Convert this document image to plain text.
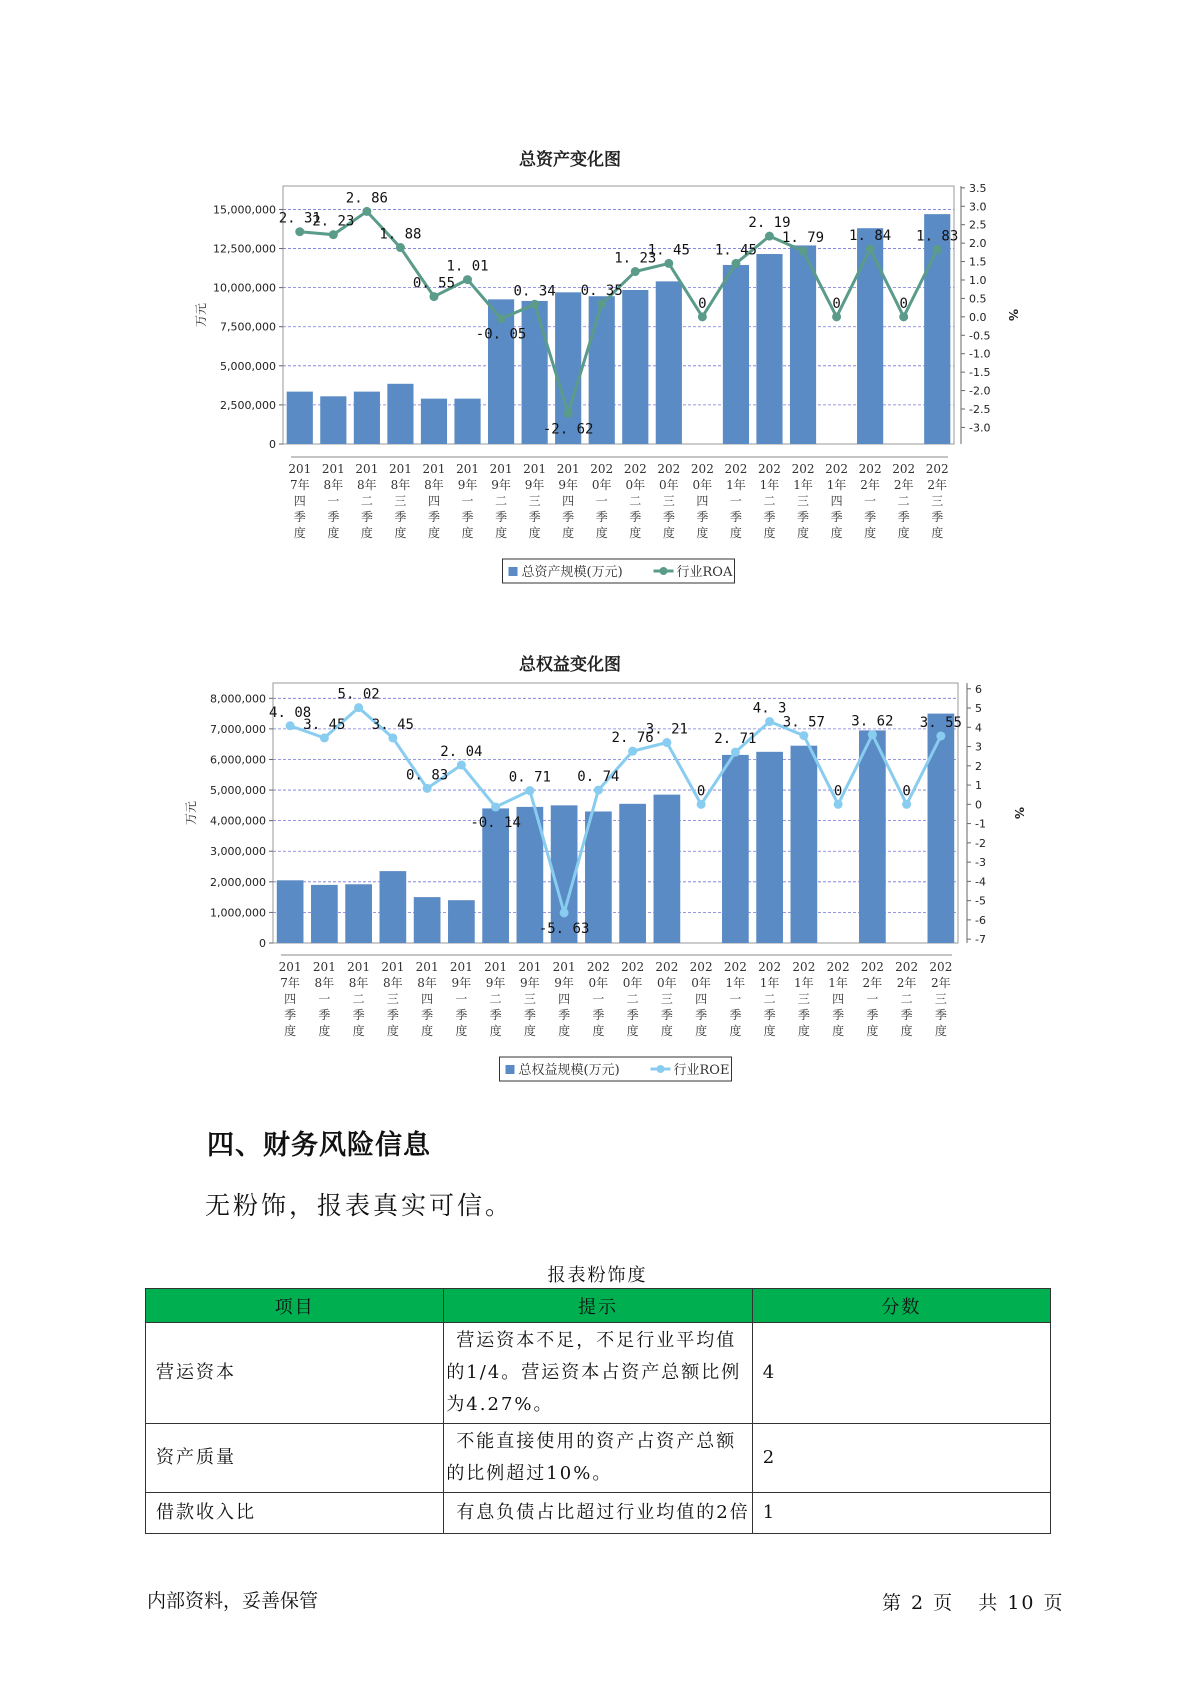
总资产变化图
0
2,500,000
5,000,000
7,500,000
10,000,000
12,500,000
15,000,000
万元
3.5
3.0
2.5
2.0
1.5
1.0
0.5
0.0
-0.5
-1.0
-1.5
-2.0
-2.5
-3.0
%
201
7年
四
季
度
201
8年
一
季
度
201
8年
二
季
度
201
8年
三
季
度
201
8年
四
季
度
201
9年
一
季
度
201
9年
二
季
度
201
9年
三
季
度
201
9年
四
季
度
202
0年
一
季
度
202
0年
二
季
度
202
0年
三
季
度
202
0年
四
季
度
202
1年
一
季
度
202
1年
二
季
度
202
1年
三
季
度
202
1年
四
季
度
202
2年
一
季
度
202
2年
二
季
度
202
2年
三
季
度
2. 31
2. 23
2. 86
1. 88
0. 55
1. 01
-0. 05
0. 34
-2. 62
0. 35
1. 23
1. 45
0
1. 45
2. 19
1. 79
0
1. 84
0
1. 83
总资产规模(万元)	行业ROA
总权益变化图
0
1,000,000
2,000,000
3,000,000
4,000,000
5,000,000
6,000,000
7,000,000
8,000,000
万元
6
5
4
3
2
1
0
-1
-2
-3
-4
-5
-6
-7
%
201
7年
四
季
度
201
8年
一
季
度
201
8年
二
季
度
201
8年
三
季
度
201
8年
四
季
度
201
9年
一
季
度
201
9年
二
季
度
201
9年
三
季
度
201
9年
四
季
度
202
0年
一
季
度
202
0年
二
季
度
202
0年
三
季
度
202
0年
四
季
度
202
1年
一
季
度
202
1年
二
季
度
202
1年
三
季
度
202
1年
四
季
度
202
2年
一
季
度
202
2年
二
季
度
202
2年
三
季
度
4. 08
3. 45
5. 02
3. 45
0. 83
2. 04
-0. 14
0. 71
-5. 63
0. 74
2. 76
3. 21
0
2. 71
4. 3
3. 57
0
3. 62
0
3. 55
总权益规模(万元)	行业ROE
四、财务风险信息
无粉饰，报表真实可信。
报表粉饰度
项目	提示	分数
营运资本	营运资本不足，不足行业平均值的1/4。营运资本占资产总额比例为4.27%。	4
资产质量	不能直接使用的资产占资产总额的比例超过10%。	2
借款收入比	有息负债占比超过行业均值的2倍	1
内部资料，妥善保管	第 2 页   共 10 页
